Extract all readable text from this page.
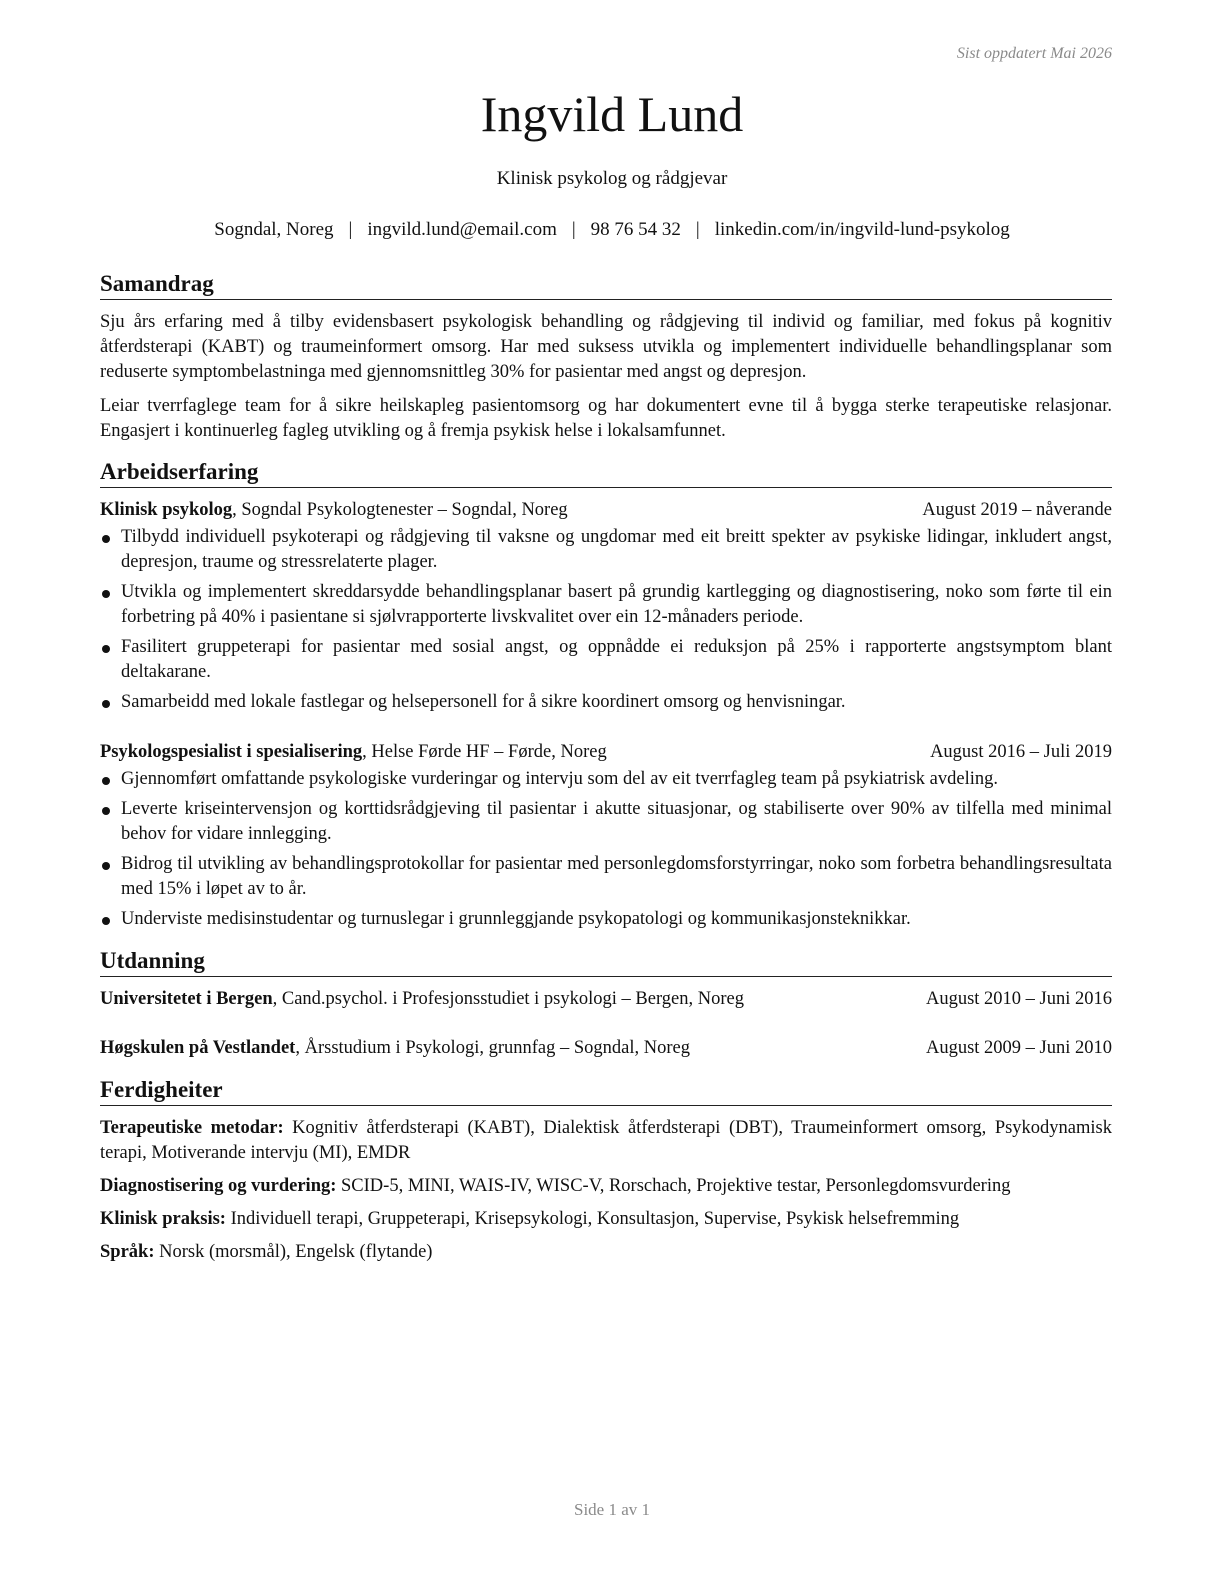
Sist oppdatert Mai 2026
Ingvild Lund
Klinisk psykolog og rådgjevar
Sogndal, Noreg | ingvild.lund@email.com | 98 76 54 32 | linkedin.com/in/ingvild-lund-psykolog
Samandrag

Sju års erfaring med å tilby evidensbasert psykologisk behandling og rådgjeving til individ og familiar, med fokus på kognitiv åtferdsterapi (KABT) og traumeinformert omsorg. Har med suksess utvikla og implementert individuelle behandlingsplanar som reduserte symptombelastninga med gjennomsnittleg 30% for pasientar med angst og depresjon.

Leiar tverrfaglege team for å sikre heilskapleg pasientomsorg og har dokumentert evne til å bygga sterke terapeutiske relasjonar. Engasjert i kontinuerleg fagleg utvikling og å fremja psykisk helse i lokalsamfunnet.

Arbeidserfaring
Klinisk psykolog, Sogndal Psykologtenester – Sogndal, Noreg	August 2019 – nåverande
Tilbydd individuell psykoterapi og rådgjeving til vaksne og ungdomar med eit breitt spekter av psykiske lidingar, inkludert angst, depresjon, traume og stressrelaterte plager.
Utvikla og implementert skreddarsydde behandlingsplanar basert på grundig kartlegging og diagnostisering, noko som førte til ein forbetring på 40% i pasientane si sjølvrapporterte livskvalitet over ein 12-månaders periode.
Fasilitert gruppeterapi for pasientar med sosial angst, og oppnådde ei reduksjon på 25% i rapporterte angstsymptom blant deltakarane.
Samarbeidd med lokale fastlegar og helsepersonell for å sikre koordinert omsorg og henvisningar.
Psykologspesialist i spesialisering, Helse Førde HF – Førde, Noreg	August 2016 – Juli 2019
Gjennomført omfattande psykologiske vurderingar og intervju som del av eit tverrfagleg team på psykiatrisk avdeling.
Leverte kriseintervensjon og korttidsrådgjeving til pasientar i akutte situasjonar, og stabiliserte over 90% av tilfella med minimal behov for vidare innlegging.
Bidrog til utvikling av behandlingsprotokollar for pasientar med personlegdomsforstyrringar, noko som forbetra behandlingsresultata med 15% i løpet av to år.
Underviste medisinstudentar og turnuslegar i grunnleggjande psykopatologi og kommunikasjonsteknikkar.
Utdanning
Universitetet i Bergen, Cand.psychol. i Profesjonsstudiet i psykologi – Bergen, Noreg	August 2010 – Juni 2016
Høgskulen på Vestlandet, Årsstudium i Psykologi, grunnfag – Sogndal, Noreg	August 2009 – Juni 2010
Ferdigheiter
Terapeutiske metodar: Kognitiv åtferdsterapi (KABT), Dialektisk åtferdsterapi (DBT), Traumeinformert omsorg, Psykodynamisk terapi, Motiverande intervju (MI), EMDR
Diagnostisering og vurdering: SCID-5, MINI, WAIS-IV, WISC-V, Rorschach, Projektive testar, Personlegdomsvurdering
Klinisk praksis: Individuell terapi, Gruppeterapi, Krisepsykologi, Konsultasjon, Supervise, Psykisk helsefremming
Språk: Norsk (morsmål), Engelsk (flytande)
Side 1 av 1
